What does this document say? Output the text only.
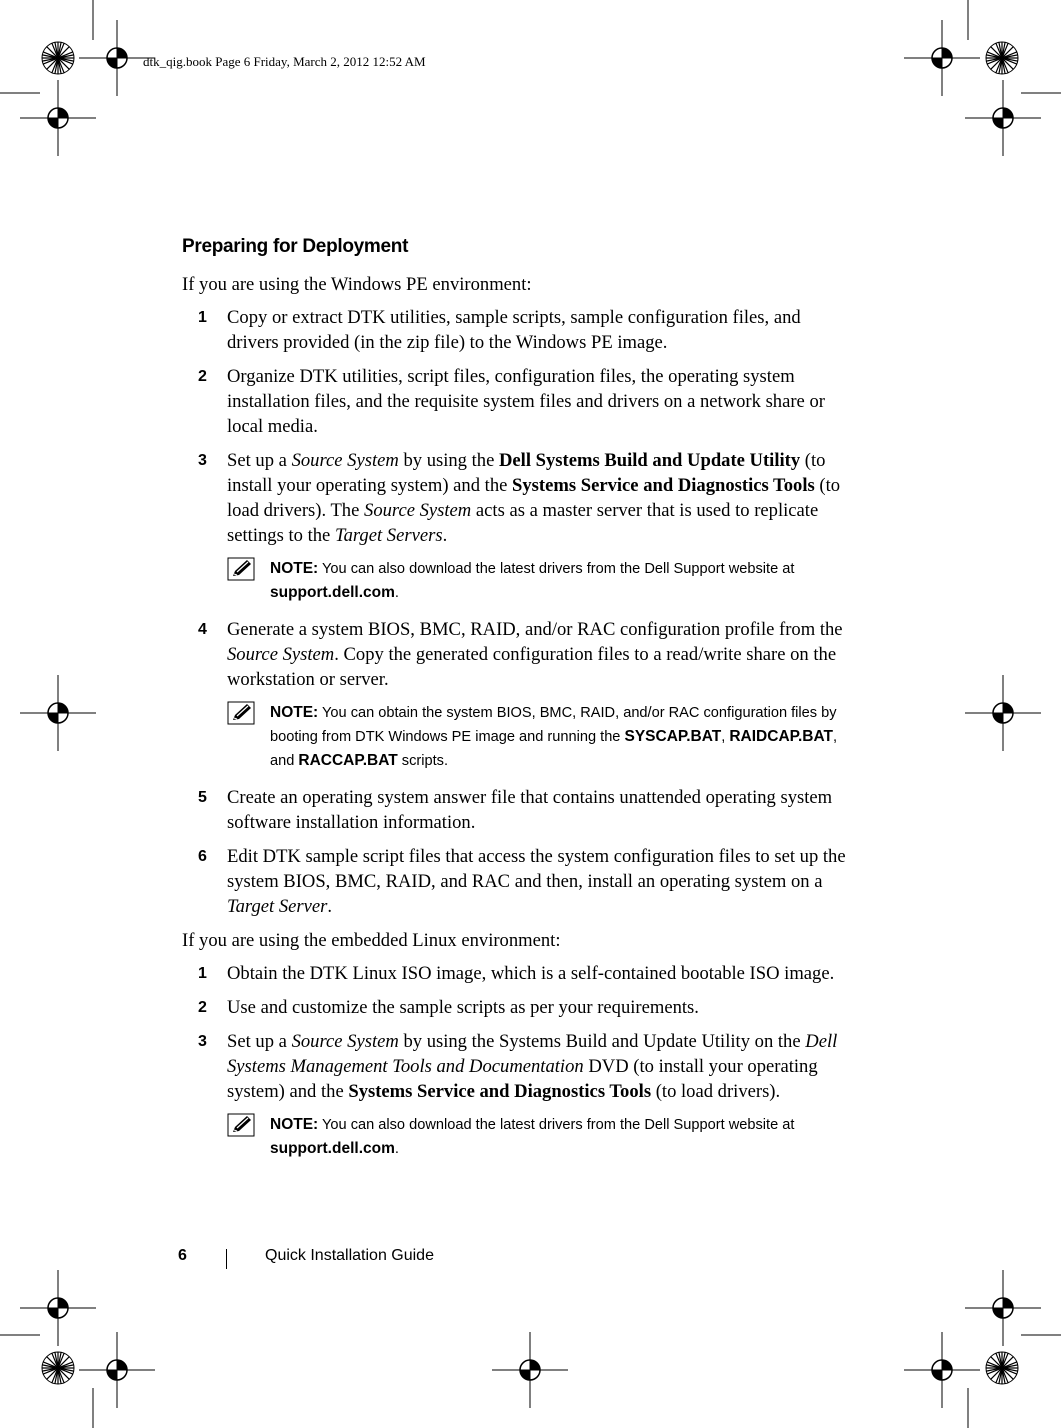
dtk_qig.book Page 6 Friday, March 2, 2012 12:52 AM
Preparing for Deployment

If you are using the Windows PE environment:

1 Copy or extract DTK utilities, sample scripts, sample configuration files, and drivers provided (in the zip file) to the Windows PE image.
2 Organize DTK utilities, script files, configuration files, the operating system installation files, and the requisite system files and drivers on a network share or local media.
3 Set up a Source System by using the Dell Systems Build and Update Utility (to install your operating system) and the Systems Service and Diagnostics Tools (to load drivers). The Source System acts as a master server that is used to replicate settings to the Target Servers.
NOTE: You can also download the latest drivers from the Dell Support website at support.dell.com.
4 Generate a system BIOS, BMC, RAID, and/or RAC configuration profile from the Source System. Copy the generated configuration files to a read/write share on the workstation or server.
NOTE: You can obtain the system BIOS, BMC, RAID, and/or RAC configuration files by booting from DTK Windows PE image and running the SYSCAP.BAT, RAIDCAP.BAT, and RACCAP.BAT scripts.
5 Create an operating system answer file that contains unattended operating system software installation information.
6 Edit DTK sample script files that access the system configuration files to set up the system BIOS, BMC, RAID, and RAC and then, install an operating system on a Target Server.

If you are using the embedded Linux environment:

1 Obtain the DTK Linux ISO image, which is a self-contained bootable ISO image.
2 Use and customize the sample scripts as per your requirements.
3 Set up a Source System by using the Systems Build and Update Utility on the Dell Systems Management Tools and Documentation DVD (to install your operating system) and the Systems Service and Diagnostics Tools (to load drivers).
NOTE: You can also download the latest drivers from the Dell Support website at support.dell.com.
6	Quick Installation Guide
